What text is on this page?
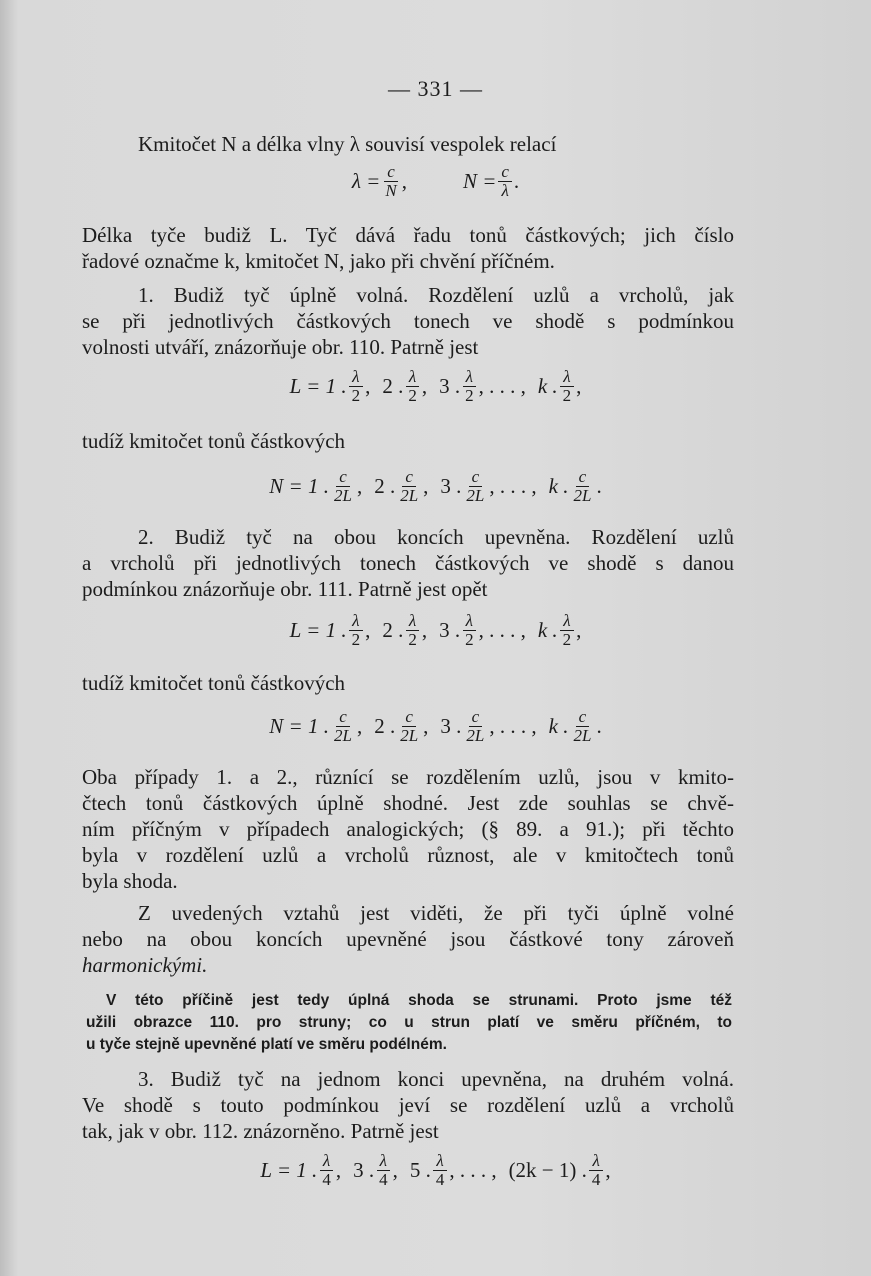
— 331 —
Kmitočet N a délka vlny λ souvisí vespolek relací
$\lambda = \frac{c}{N}$ ,	$N = \frac{c}{\lambda}$ .
Délka tyče budiž L. Tyč dává řadu tonů částkových; jich číslo
řadové označme k, kmitočet N, jako při chvění příčném.
1. Budiž tyč úplně volná. Rozdělení uzlů a vrcholů, jak
se při jednotlivých částkových tonech ve shodě s podmínkou
volnosti utváří, znázorňuje obr. 110. Patrně jest
L = 1 . $\frac{\lambda}{2}$ , 2 . $\frac{\lambda}{2}$ , 3 . $\frac{\lambda}{2}$ , . . . , k . $\frac{\lambda}{2}$ ,
tudíž kmitočet tonů částkových
N = 1 . $\frac{c}{2L}$ , 2 . $\frac{c}{2L}$ , 3 . $\frac{c}{2L}$ , . . . , k . $\frac{c}{2L}$ .
2. Budiž tyč na obou koncích upevněna. Rozdělení uzlů
a vrcholů při jednotlivých tonech částkových ve shodě s danou
podmínkou znázorňuje obr. 111. Patrně jest opět
L = 1 . $\frac{\lambda}{2}$ , 2 . $\frac{\lambda}{2}$ , 3 . $\frac{\lambda}{2}$ , . . . , k . $\frac{\lambda}{2}$ ,
tudíž kmitočet tonů částkových
N = 1 . $\frac{c}{2L}$ , 2 . $\frac{c}{2L}$ , 3 . $\frac{c}{2L}$ , . . . , k . $\frac{c}{2L}$ .
Oba případy 1. a 2., různící se rozdělením uzlů, jsou v kmito-
čtech tonů částkových úplně shodné. Jest zde souhlas se chvě-
ním příčným v případech analogických; (§ 89. a 91.); při těchto
byla v rozdělení uzlů a vrcholů různost, ale v kmitočtech tonů
byla shoda.
Z uvedených vztahů jest viděti, že při tyči úplně volné
nebo na obou koncích upevněné jsou částkové tony zároveň
harmonickými.
V této příčině jest tedy úplná shoda se strunami. Proto jsme též
užili obrazce 110. pro struny; co u strun platí ve směru příčném, to
u tyče stejně upevněné platí ve směru podélném.
3. Budiž tyč na jednom konci upevněna, na druhém volná.
Ve shodě s touto podmínkou jeví se rozdělení uzlů a vrcholů
tak, jak v obr. 112. znázorněno. Patrně jest
L = 1 . $\frac{\lambda}{4}$ , 3 . $\frac{\lambda}{4}$ , 5 . $\frac{\lambda}{4}$ , . . . , (2k − 1) . $\frac{\lambda}{4}$ ,
